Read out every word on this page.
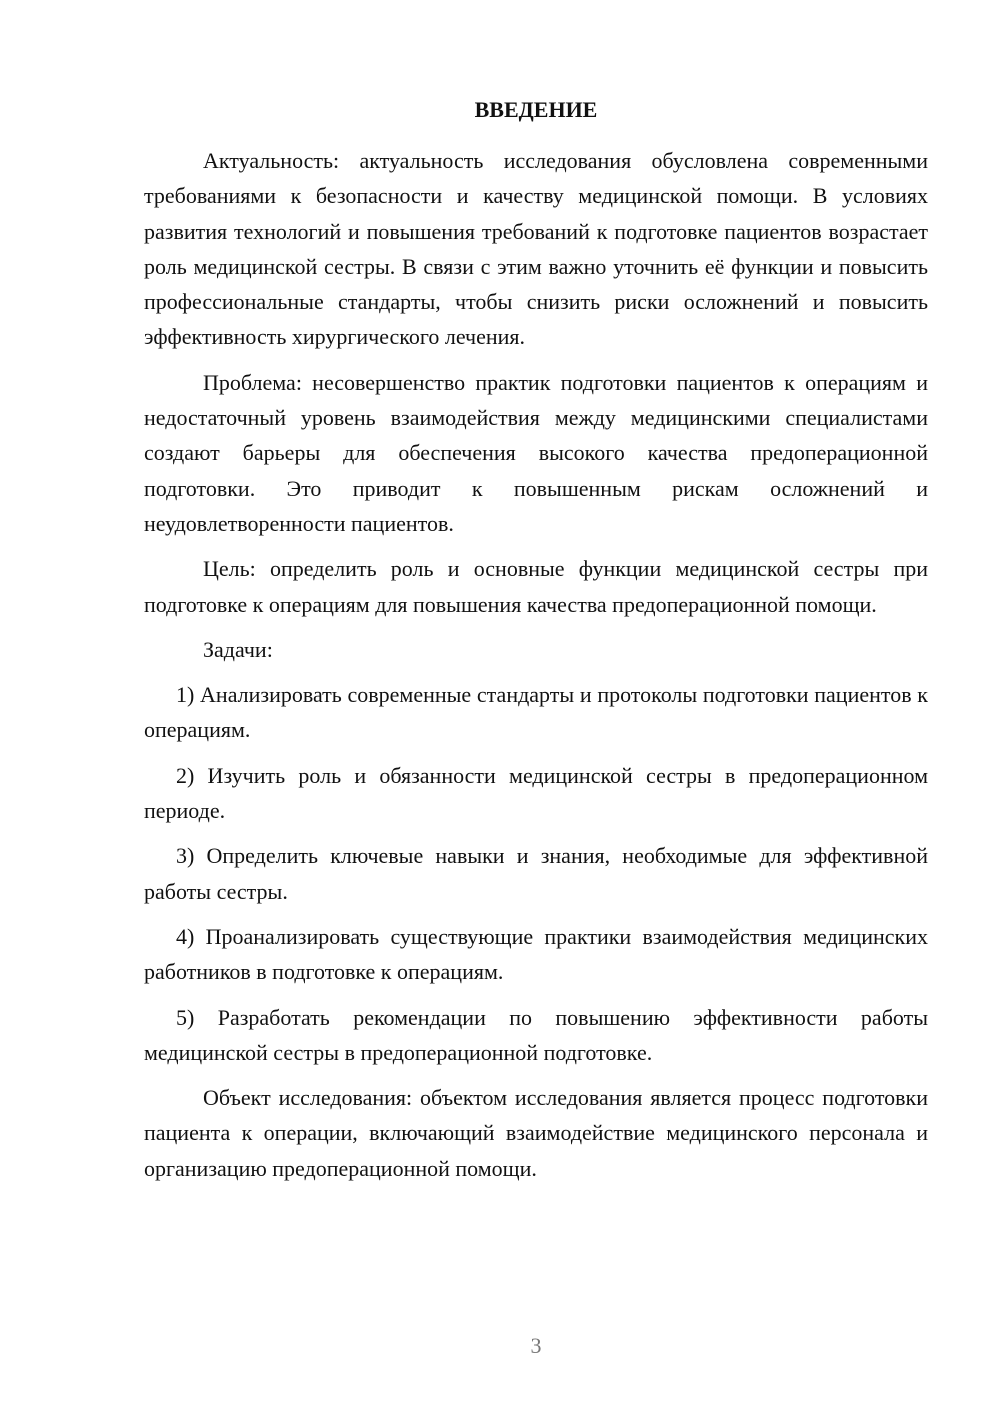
ВВЕДЕНИЕ

Актуальность: актуальность исследования обусловлена современными требованиями к безопасности и качеству медицинской помощи. В условиях развития технологий и повышения требований к подготовке пациентов возрастает роль медицинской сестры. В связи с этим важно уточнить её функции и повысить профессиональные стандарты, чтобы снизить риски осложнений и повысить эффективность хирургического лечения.

Проблема: несовершенство практик подготовки пациентов к операциям и недостаточный уровень взаимодействия между медицинскими специалистами создают барьеры для обеспечения высокого качества предоперационной подготовки. Это приводит к повышенным рискам осложнений и неудовлетворенности пациентов.

Цель: определить роль и основные функции медицинской сестры при подготовке к операциям для повышения качества предоперационной помощи.

Задачи:

1) Анализировать современные стандарты и протоколы подготовки пациентов к операциям.

2) Изучить роль и обязанности медицинской сестры в предоперационном периоде.

3) Определить ключевые навыки и знания, необходимые для эффективной работы сестры.

4) Проанализировать существующие практики взаимодействия медицинских работников в подготовке к операциям.

5) Разработать рекомендации по повышению эффективности работы медицинской сестры в предоперационной подготовке.

Объект исследования: объектом исследования является процесс подготовки пациента к операции, включающий взаимодействие медицинского персонала и организацию предоперационной помощи.

3
